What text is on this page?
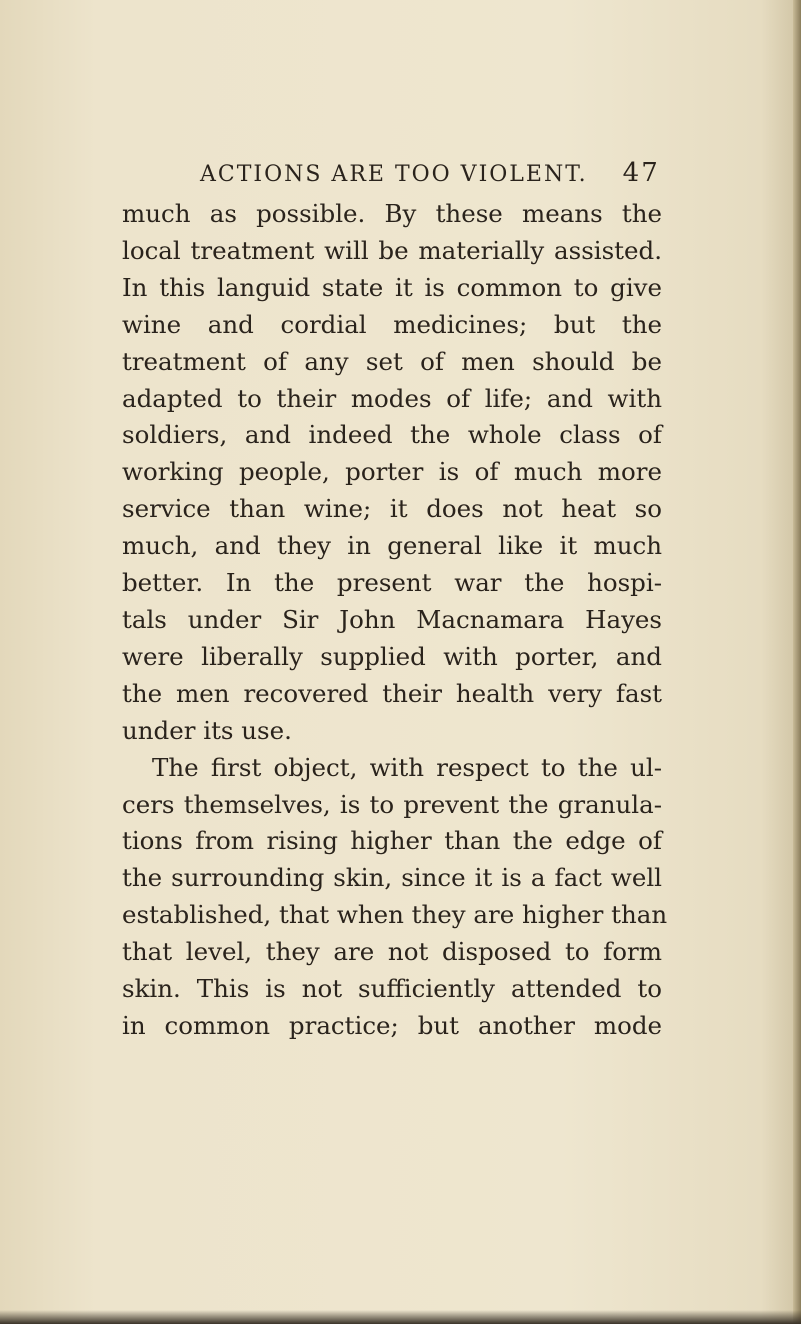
ACTIONS ARE TOO VIOLENT. 47
much as possible. By these means the
local treatment will be materially assisted.
In this languid state it is common to give
wine and cordial medicines; but the
treatment of any set of men should be
adapted to their modes of life; and with
soldiers, and indeed the whole class of
working people, porter is of much more
service than wine; it does not heat so
much, and they in general like it much
better. In the present war the hospi-
tals under Sir John Macnamara Hayes
were liberally supplied with porter, and
the men recovered their health very fast
under its use.
The first object, with respect to the ul-
cers themselves, is to prevent the granula-
tions from rising higher than the edge of
the surrounding skin, since it is a fact well
established, that when they are higher than
that level, they are not disposed to form
skin. This is not sufficiently attended to
in common practice; but another mode
